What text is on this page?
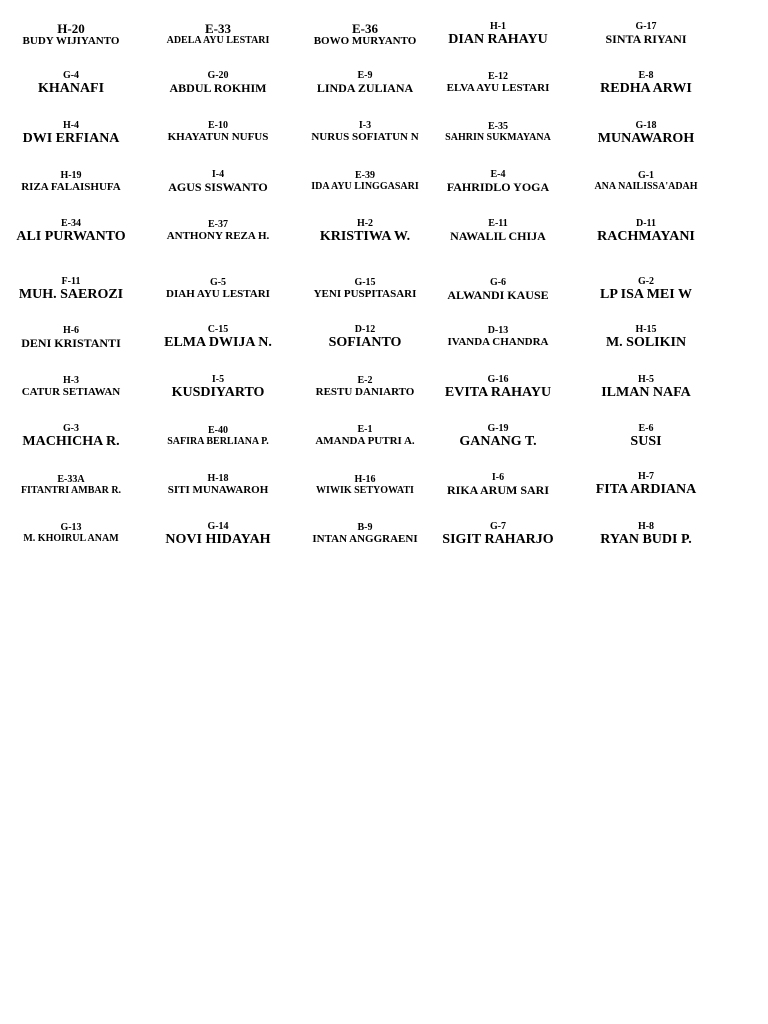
H-20
BUDY WIJIYANTO
E-33
ADELA AYU LESTARI
E-36
BOWO MURYANTO
H-1
DIAN RAHAYU
G-17
SINTA RIYANI
G-4
KHANAFI
G-20
ABDUL ROKHIM
E-9
LINDA ZULIANA
E-12
ELVA AYU LESTARI
E-8
REDHA ARWI
H-4
DWI ERFIANA
E-10
KHAYATUN NUFUS
I-3
NURUS SOFIATUN N
E-35
SAHRIN SUKMAYANA
G-18
MUNAWAROH
H-19
RIZA FALAISHUFA
I-4
AGUS SISWANTO
E-39
IDA AYU LINGGASARI
E-4
FAHRIDLO YOGA
G-1
ANA NAILISSA'ADAH
E-34
ALI PURWANTO
E-37
ANTHONY REZA H.
H-2
KRISTIWA W.
E-11
NAWALIL CHIJA
D-11
RACHMAYANI
F-11
MUH. SAEROZI
G-5
DIAH AYU LESTARI
G-15
YENI PUSPITASARI
G-6
ALWANDI KAUSE
G-2
LP ISA MEI W
H-6
DENI KRISTANTI
C-15
ELMA DWIJA N.
D-12
SOFIANTO
D-13
IVANDA CHANDRA
H-15
M. SOLIKIN
H-3
CATUR SETIAWAN
I-5
KUSDIYARTO
E-2
RESTU DANIARTO
G-16
EVITA RAHAYU
H-5
ILMAN NAFA
G-3
MACHICHA R.
E-40
SAFIRA BERLIANA P.
E-1
AMANDA PUTRI A.
G-19
GANANG T.
E-6
SUSI
E-33A
FITANTRI AMBAR R.
H-18
SITI MUNAWAROH
H-16
WIWIK SETYOWATI
I-6
RIKA ARUM SARI
H-7
FITA ARDIANA
G-13
M. KHOIRUL ANAM
G-14
NOVI HIDAYAH
B-9
INTAN ANGGRAENI
G-7
SIGIT RAHARJO
H-8
RYAN BUDI P.
